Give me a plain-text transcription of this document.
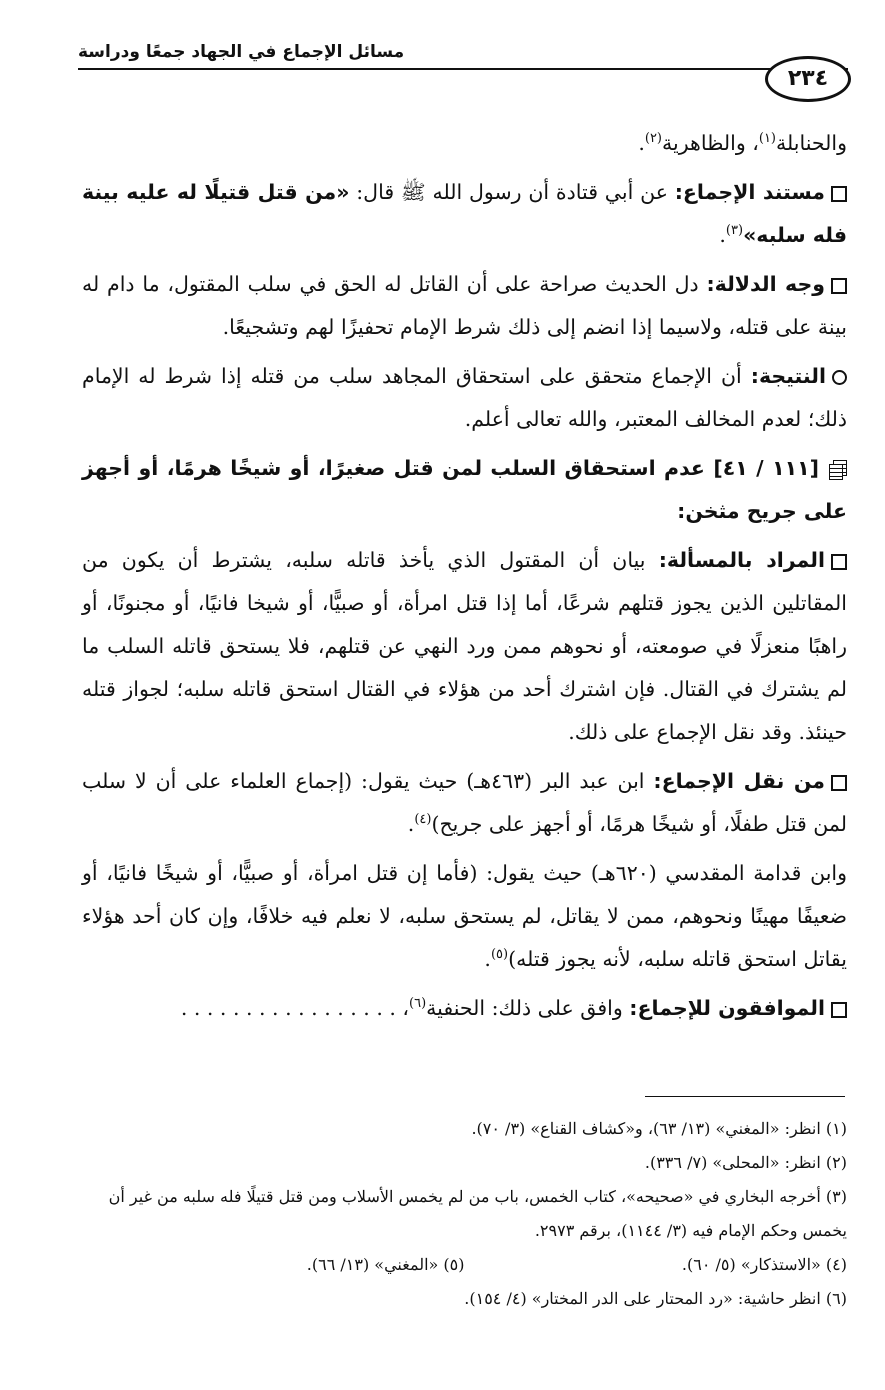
مسائل الإجماع في الجهاد جمعًا ودراسة
٢٣٤

والحنابلة$^{(١)}$، والظاهرية$^{(٢)}$.

مستند الإجماع: عن أبي قتادة أن رسول الله ﷺ قال: «من قتل قتيلًا له عليه بينة فله سلبه»$^{(٣)}$.

وجه الدلالة: دل الحديث صراحة على أن القاتل له الحق في سلب المقتول، ما دام له بينة على قتله، ولاسيما إذا انضم إلى ذلك شرط الإمام تحفيزًا لهم وتشجيعًا.

النتيجة: أن الإجماع متحقق على استحقاق المجاهد سلب من قتله إذا شرط له الإمام ذلك؛ لعدم المخالف المعتبر، والله تعالى أعلم.

[١١١ / ٤١] عدم استحقاق السلب لمن قتل صغيرًا، أو شيخًا هرمًا، أو أجهز على جريح مثخن:

المراد بالمسألة: بيان أن المقتول الذي يأخذ قاتله سلبه، يشترط أن يكون من المقاتلين الذين يجوز قتلهم شرعًا، أما إذا قتل امرأة، أو صبيًّا، أو شيخا فانيًا، أو مجنونًا، أو راهبًا منعزلًا في صومعته، أو نحوهم ممن ورد النهي عن قتلهم، فلا يستحق قاتله السلب ما لم يشترك في القتال. فإن اشترك أحد من هؤلاء في القتال استحق قاتله سلبه؛ لجواز قتله حينئذ. وقد نقل الإجماع على ذلك.

من نقل الإجماع: ابن عبد البر (٤٦٣هـ) حيث يقول: (إجماع العلماء على أن لا سلب لمن قتل طفلًا، أو شيخًا هرمًا، أو أجهز على جريح)$^{(٤)}$.

وابن قدامة المقدسي (٦٢٠هـ) حيث يقول: (فأما إن قتل امرأة، أو صبيًّا، أو شيخًا فانيًا، أو ضعيفًا مهينًا ونحوهم، ممن لا يقاتل، لم يستحق سلبه، لا نعلم فيه خلافًا، وإن كان أحد هؤلاء يقاتل استحق قاتله سلبه، لأنه يجوز قتله)$^{(٥)}$.

الموافقون للإجماع: وافق على ذلك: الحنفية$^{(٦)}$، . . . . . . . . . . . . . . . . .

(١) انظر: «المغني» (١٣/ ٦٣)، و«كشاف القناع» (٣/ ٧٠).

(٢) انظر: «المحلى» (٧/ ٣٣٦).

(٣) أخرجه البخاري في «صحيحه»، كتاب الخمس، باب من لم يخمس الأسلاب ومن قتل قتيلًا فله سلبه من غير أن يخمس وحكم الإمام فيه (٣/ ١١٤٤)، برقم ٢٩٧٣.

(٤) «الاستذكار» (٥/ ٦٠).

(٥) «المغني» (١٣/ ٦٦).

(٦) انظر حاشية: «رد المحتار على الدر المختار» (٤/ ١٥٤).
